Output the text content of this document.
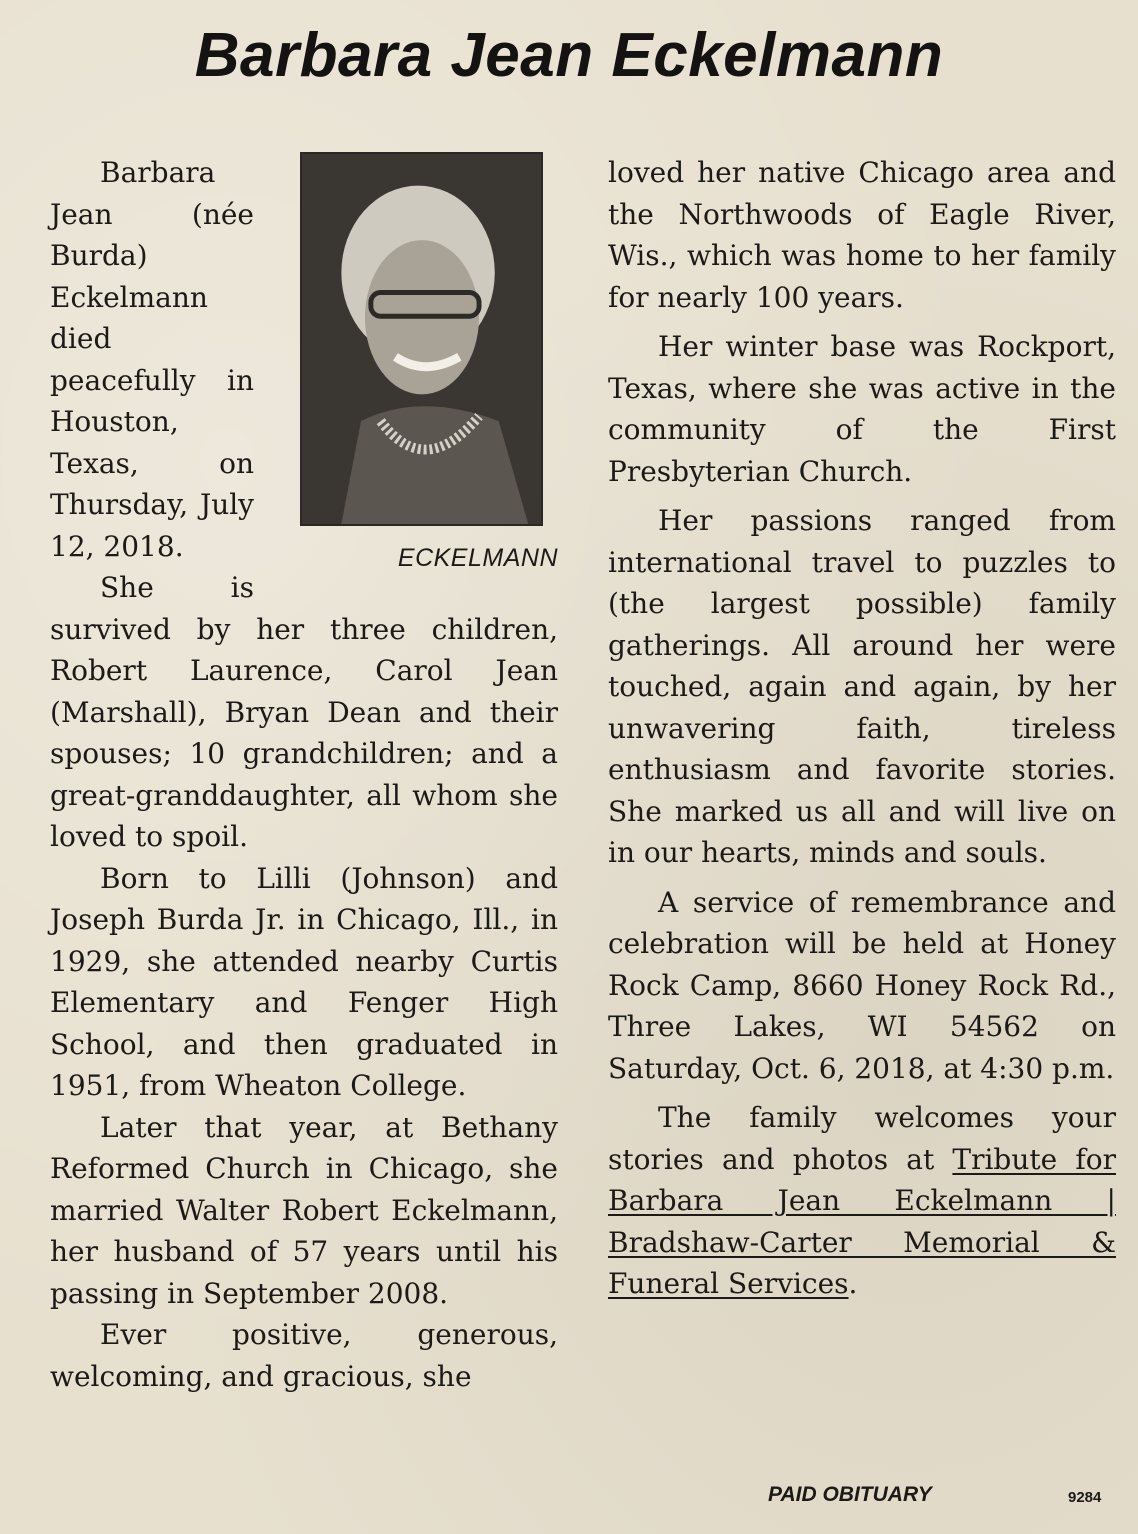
Barbara Jean Eckelmann
ECKELMANN

Barbara Jean (née Burda) Eckelmann died peacefully in Houston, Texas, on Thursday, July 12, 2018.

She is survived by her three children, Robert Laurence, Carol Jean (Marshall), Bryan Dean and their spouses; 10 grandchildren; and a great-granddaughter, all whom she loved to spoil.

Born to Lilli (Johnson) and Joseph Burda Jr. in Chicago, Ill., in 1929, she attended nearby Curtis Elementary and Fenger High School, and then graduated in 1951, from Wheaton College.

Later that year, at Bethany Reformed Church in Chicago, she married Walter Robert Eckelmann, her husband of 57 years until his passing in September 2008.

Ever positive, generous, welcoming, and gracious, she

loved her native Chicago area and the Northwoods of Eagle River, Wis., which was home to her family for nearly 100 years.

Her winter base was Rockport, Texas, where she was active in the community of the First Presbyterian Church.

Her passions ranged from international travel to puzzles to (the largest possible) family gatherings. All around her were touched, again and again, by her unwavering faith, tireless enthusiasm and favorite stories. She marked us all and will live on in our hearts, minds and souls.

A service of remembrance and celebration will be held at Honey Rock Camp, 8660 Honey Rock Rd., Three Lakes, WI 54562 on Saturday, Oct. 6, 2018, at 4:30 p.m.

The family welcomes your stories and photos at Tribute for Barbara Jean Eckelmann | Bradshaw-Carter Memorial & Funeral Services.

PAID OBITUARY	9284
